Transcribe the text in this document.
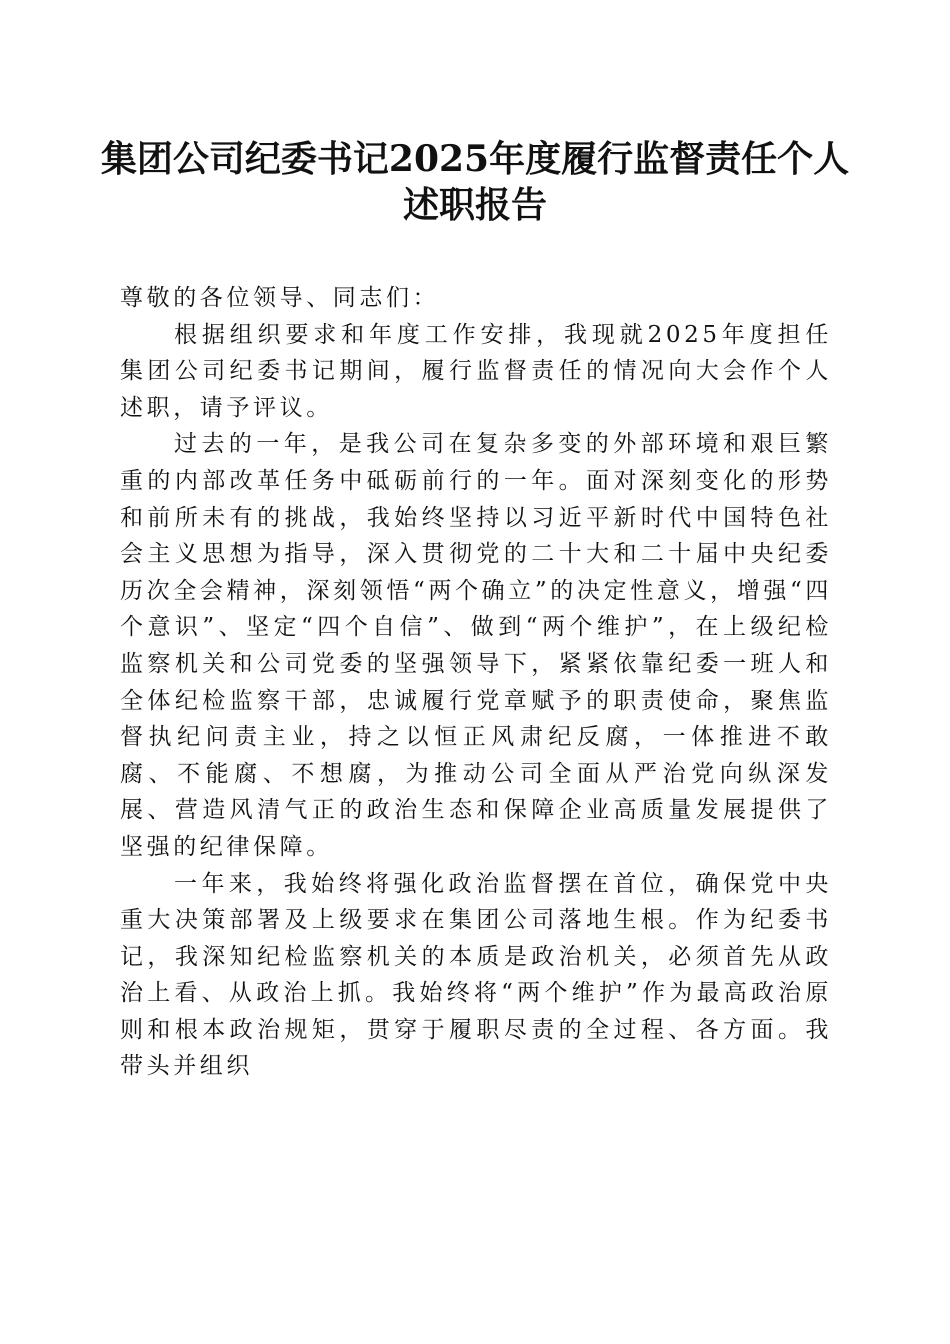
集团公司纪委书记2025年度履行监督责任个人述职报告

尊敬的各位领导、同志们：

根据组织要求和年度工作安排，我现就2025年度担任集团公司纪委书记期间，履行监督责任的情况向大会作个人述职，请予评议。

过去的一年，是我公司在复杂多变的外部环境和艰巨繁重的内部改革任务中砥砺前行的一年。面对深刻变化的形势和前所未有的挑战，我始终坚持以习近平新时代中国特色社会主义思想为指导，深入贯彻党的二十大和二十届中央纪委历次全会精神，深刻领悟“两个确立”的决定性意义，增强“四个意识”、坚定“四个自信”、做到“两个维护”，在上级纪检监察机关和公司党委的坚强领导下，紧紧依靠纪委一班人和全体纪检监察干部，忠诚履行党章赋予的职责使命，聚焦监督执纪问责主业，持之以恒正风肃纪反腐，一体推进不敢腐、不能腐、不想腐，为推动公司全面从严治党向纵深发展、营造风清气正的政治生态和保障企业高质量发展提供了坚强的纪律保障。

一年来，我始终将强化政治监督摆在首位，确保党中央重大决策部署及上级要求在集团公司落地生根。作为纪委书记，我深知纪检监察机关的本质是政治机关，必须首先从政治上看、从政治上抓。我始终将“两个维护”作为最高政治原则和根本政治规矩，贯穿于履职尽责的全过程、各方面。我带头并组织
